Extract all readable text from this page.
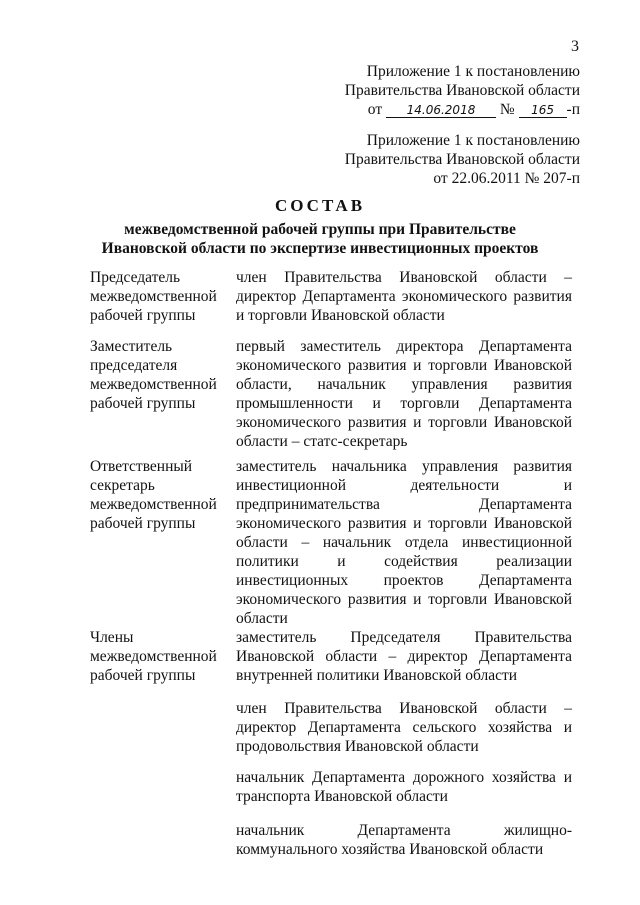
3
Приложение 1 к постановлению
Правительства Ивановской области
от 14.06.2018 № 165 -п
Приложение 1 к постановлению
Правительства Ивановской области
от 22.06.2011 № 207-п
СОСТАВ
межведомственной рабочей группы при Правительстве
Ивановской области по экспертизе инвестиционных проектов
Председатель межведомственной рабочей группы
член Правительства Ивановской области – директор Департамента экономического развития и торговли Ивановской области
Заместитель председателя межведомственной рабочей группы
первый заместитель директора Департамента экономического развития и торговли Ивановской области, начальник управления развития промышленности и торговли Департамента экономического развития и торговли Ивановской области – статс-секретарь
Ответственный секретарь межведомственной рабочей группы
заместитель начальника управления развития инвестиционной деятельности и предпринимательства Департамента экономического развития и торговли Ивановской области – начальник отдела инвестиционной политики и содействия реализации инвестиционных проектов Департамента экономического развития и торговли Ивановской области
Члены межведомственной рабочей группы
заместитель Председателя Правительства Ивановской области – директор Департамента внутренней политики Ивановской области
член Правительства Ивановской области – директор Департамента сельского хозяйства и продовольствия Ивановской области
начальник Департамента дорожного хозяйства и транспорта Ивановской области
начальник Департамента жилищно-коммунального хозяйства Ивановской области
